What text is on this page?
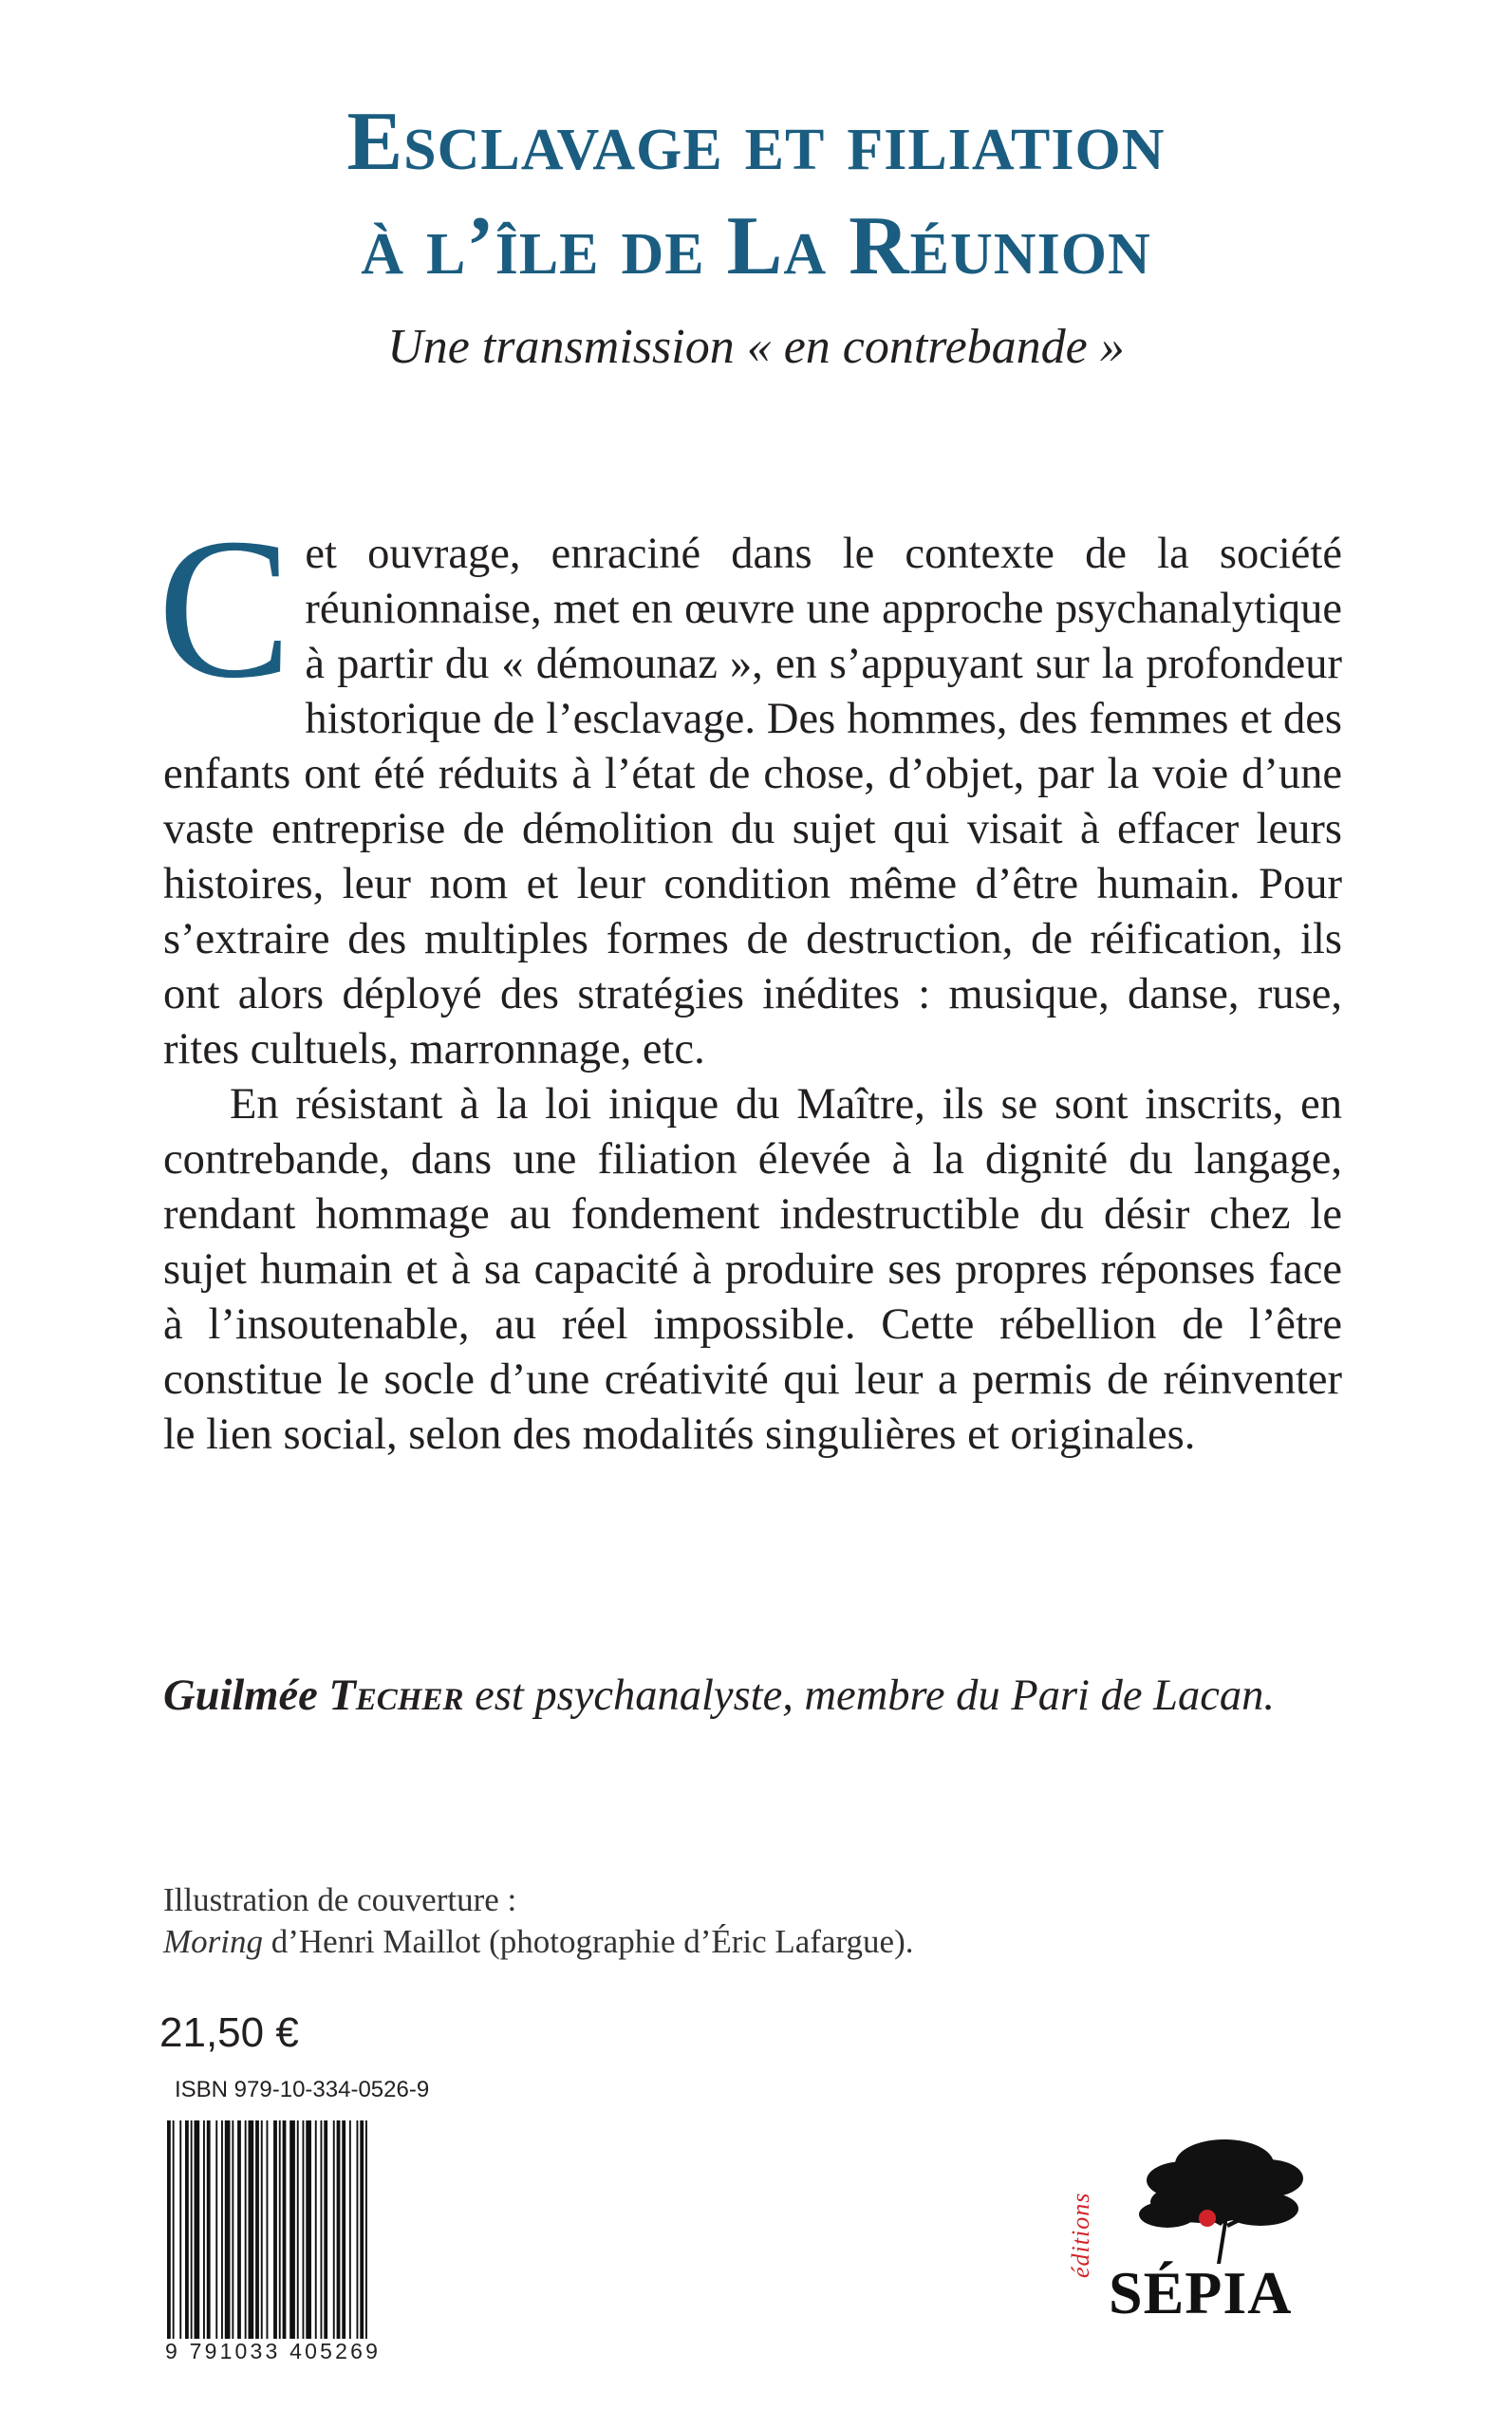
Esclavage et filiation
à l’île de La Réunion
Une transmission « en contrebande »

Cet ouvrage, enraciné dans le contexte de la société réunionnaise, met en œuvre une approche psychanalytique à partir du « démounaz », en s’appuyant sur la profondeur historique de l’esclavage. Des hommes, des femmes et des enfants ont été réduits à l’état de chose, d’objet, par la voie d’une vaste entreprise de démolition du sujet qui visait à effacer leurs histoires, leur nom et leur condition même d’être humain. Pour s’extraire des multiples formes de destruction, de réification, ils ont alors déployé des stratégies inédites : musique, danse, ruse, rites cultuels, marronnage, etc.

En résistant à la loi inique du Maître, ils se sont inscrits, en contrebande, dans une filiation élevée à la dignité du langage, rendant hommage au fondement indestructible du désir chez le sujet humain et à sa capacité à produire ses propres réponses face à l’insoutenable, au réel impossible. Cette rébellion de l’être constitue le socle d’une créativité qui leur a permis de réinventer le lien social, selon des modalités singulières et originales.

Guilmée Techer est psychanalyste, membre du Pari de Lacan.
Illustration de couverture :
Moring d’Henri Maillot (photographie d’Éric Lafargue).
21,50 €
ISBN 979-10-334-0526-9
9 791033 405269
éditions
SÉPIA
